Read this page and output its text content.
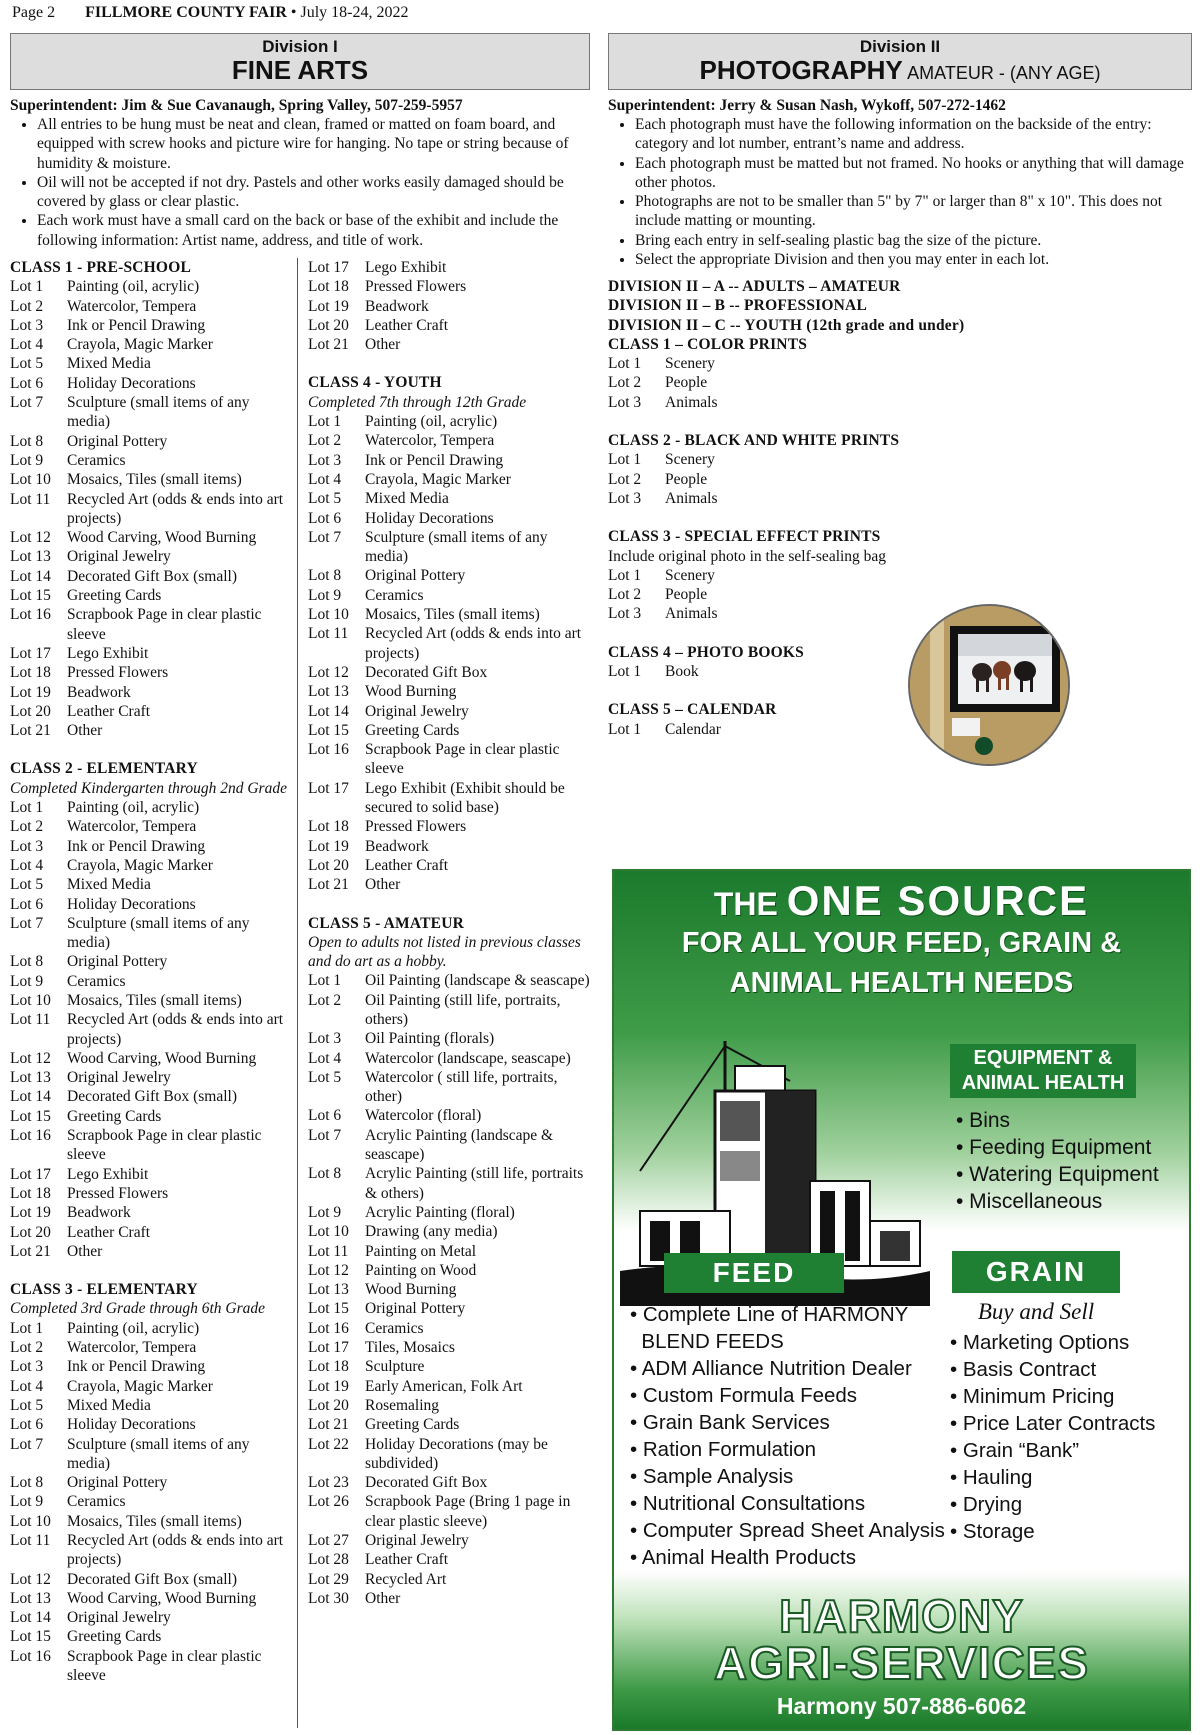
Page 2 FILLMORE COUNTY FAIR • July 18-24, 2022
Division I
FINE ARTS
Division II
PHOTOGRAPHY AMATEUR - (ANY AGE)
Superintendent: Jim & Sue Cavanaugh, Spring Valley, 507-259-5957
• All entries to be hung must be neat and clean, framed or matted on foam board, and equipped with screw hooks and picture wire for hanging. No tape or string because of humidity & moisture.
• Oil will not be accepted if not dry. Pastels and other works easily damaged should be covered by glass or clear plastic.
• Each work must have a small card on the back or base of the exhibit and include the following information: Artist name, address, and title of work.
Superintendent: Jerry & Susan Nash, Wykoff, 507-272-1462
• Each photograph must have the following information on the backside of the entry: category and lot number, entrant’s name and address.
• Each photograph must be matted but not framed. No hooks or anything that will damage other photos.
• Photographs are not to be smaller than 5" by 7" or larger than 8" x 10". This does not include matting or mounting.
• Bring each entry in self-sealing plastic bag the size of the picture.
• Select the appropriate Division and then you may enter in each lot.
CLASS 1 - PRE-SCHOOL
Lot 1	Painting (oil, acrylic)
Lot 2	Watercolor, Tempera
Lot 3	Ink or Pencil Drawing
Lot 4	Crayola, Magic Marker
Lot 5	Mixed Media
Lot 6	Holiday Decorations
Lot 7	Sculpture (small items of any media)
Lot 8	Original Pottery
Lot 9	Ceramics
Lot 10	Mosaics, Tiles (small items)
Lot 11	Recycled Art (odds & ends into art projects)
Lot 12	Wood Carving, Wood Burning
Lot 13	Original Jewelry
Lot 14	Decorated Gift Box (small)
Lot 15	Greeting Cards
Lot 16	Scrapbook Page in clear plastic sleeve
Lot 17	Lego Exhibit
Lot 18	Pressed Flowers
Lot 19	Beadwork
Lot 20	Leather Craft
Lot 21	Other
CLASS 2 - ELEMENTARY
Completed Kindergarten through 2nd Grade
Lot 1	Painting (oil, acrylic)
Lot 2	Watercolor, Tempera
Lot 3	Ink or Pencil Drawing
Lot 4	Crayola, Magic Marker
Lot 5	Mixed Media
Lot 6	Holiday Decorations
Lot 7	Sculpture (small items of any media)
Lot 8	Original Pottery
Lot 9	Ceramics
Lot 10	Mosaics, Tiles (small items)
Lot 11	Recycled Art (odds & ends into art projects)
Lot 12	Wood Carving, Wood Burning
Lot 13	Original Jewelry
Lot 14	Decorated Gift Box (small)
Lot 15	Greeting Cards
Lot 16	Scrapbook Page in clear plastic sleeve
Lot 17	Lego Exhibit
Lot 18	Pressed Flowers
Lot 19	Beadwork
Lot 20	Leather Craft
Lot 21	Other
CLASS 3 - ELEMENTARY
Completed 3rd Grade through 6th Grade
Lot 1	Painting (oil, acrylic)
Lot 2	Watercolor, Tempera
Lot 3	Ink or Pencil Drawing
Lot 4	Crayola, Magic Marker
Lot 5	Mixed Media
Lot 6	Holiday Decorations
Lot 7	Sculpture (small items of any media)
Lot 8	Original Pottery
Lot 9	Ceramics
Lot 10	Mosaics, Tiles (small items)
Lot 11	Recycled Art (odds & ends into art projects)
Lot 12	Decorated Gift Box (small)
Lot 13	Wood Carving, Wood Burning
Lot 14	Original Jewelry
Lot 15	Greeting Cards
Lot 16	Scrapbook Page in clear plastic sleeve
Lot 17	Lego Exhibit
Lot 18	Pressed Flowers
Lot 19	Beadwork
Lot 20	Leather Craft
Lot 21	Other
CLASS 4 - YOUTH
Completed 7th through 12th Grade
Lot 1	Painting (oil, acrylic)
Lot 2	Watercolor, Tempera
Lot 3	Ink or Pencil Drawing
Lot 4	Crayola, Magic Marker
Lot 5	Mixed Media
Lot 6	Holiday Decorations
Lot 7	Sculpture (small items of any media)
Lot 8	Original Pottery
Lot 9	Ceramics
Lot 10	Mosaics, Tiles (small items)
Lot 11	Recycled Art (odds & ends into art projects)
Lot 12	Decorated Gift Box
Lot 13	Wood Burning
Lot 14	Original Jewelry
Lot 15	Greeting Cards
Lot 16	Scrapbook Page in clear plastic sleeve
Lot 17	Lego Exhibit (Exhibit should be secured to solid base)
Lot 18	Pressed Flowers
Lot 19	Beadwork
Lot 20	Leather Craft
Lot 21	Other
CLASS 5 - AMATEUR
Open to adults not listed in previous classes and do art as a hobby.
Lot 1	Oil Painting (landscape & seascape)
Lot 2	Oil Painting (still life, portraits, others)
Lot 3	Oil Painting (florals)
Lot 4	Watercolor (landscape, seascape)
Lot 5	Watercolor ( still life, portraits, other)
Lot 6	Watercolor (floral)
Lot 7	Acrylic Painting (landscape & seascape)
Lot 8	Acrylic Painting (still life, portraits & others)
Lot 9	Acrylic Painting (floral)
Lot 10	Drawing (any media)
Lot 11	Painting on Metal
Lot 12	Painting on Wood
Lot 13	Wood Burning
Lot 15	Original Pottery
Lot 16	Ceramics
Lot 17	Tiles, Mosaics
Lot 18	Sculpture
Lot 19	Early American, Folk Art
Lot 20	Rosemaling
Lot 21	Greeting Cards
Lot 22	Holiday Decorations (may be subdivided)
Lot 23	Decorated Gift Box
Lot 26	Scrapbook Page (Bring 1 page in clear plastic sleeve)
Lot 27	Original Jewelry
Lot 28	Leather Craft
Lot 29	Recycled Art
Lot 30	Other
DIVISION II – A -- ADULTS – AMATEUR
DIVISION II – B -- PROFESSIONAL
DIVISION II – C -- YOUTH (12th grade and under)
CLASS 1 – COLOR PRINTS
Lot 1	Scenery
Lot 2	People
Lot 3	Animals
CLASS 2 - BLACK AND WHITE PRINTS
Lot 1	Scenery
Lot 2	People
Lot 3	Animals
CLASS 3 - SPECIAL EFFECT PRINTS
Include original photo in the self-sealing bag
Lot 1	Scenery
Lot 2	People
Lot 3	Animals
CLASS 4 – PHOTO BOOKS
Lot 1	Book
CLASS 5 – CALENDAR
Lot 1	Calendar
THE ONE SOURCE
FOR ALL YOUR FEED, GRAIN &
ANIMAL HEALTH NEEDS
EQUIPMENT &
ANIMAL HEALTH
• Bins
• Feeding Equipment
• Watering Equipment
• Miscellaneous
FEED	GRAIN
Buy and Sell
• Complete Line of HARMONY
BLEND FEEDS
• ADM Alliance Nutrition Dealer
• Custom Formula Feeds
• Grain Bank Services
• Ration Formulation
• Sample Analysis
• Nutritional Consultations
• Computer Spread Sheet Analysis
• Animal Health Products
• Marketing Options
• Basis Contract
• Minimum Pricing
• Price Later Contracts
• Grain “Bank”
• Hauling
• Drying
• Storage
HARMONY
AGRI-SERVICES
Harmony 507-886-6062
